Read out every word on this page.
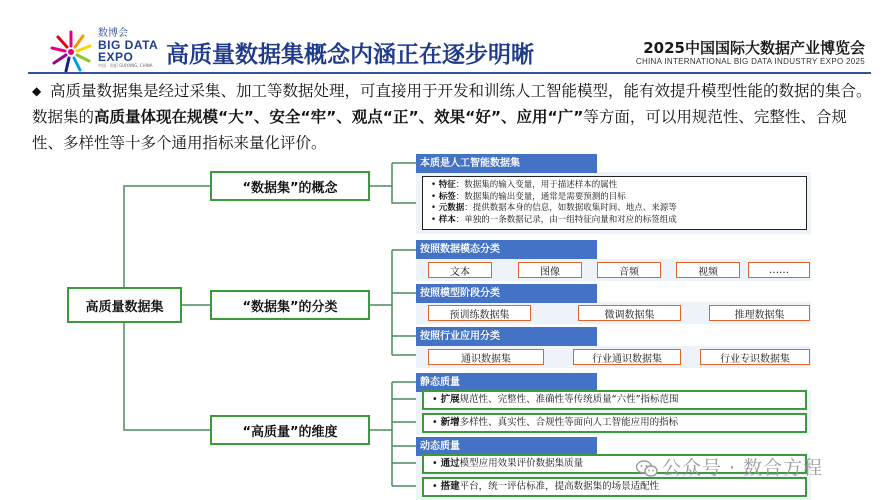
数博会
BIG DATA
EXPO
中国 · 贵阳 GUIYANG, CHINA 高质量数据集概念内涵正在逐步明晰	2025中国国际大数据产业博览会
CHINA INTERNATIONAL BIG DATA INDUSTRY EXPO 2025
◆ 高质量数据集是经过采集、加工等数据处理，可直接用于开发和训练人工智能模型，能有效提升模型性能的数据的集合。数据集的高质量体现在规模“大”、安全“牢”、观点“正”、效果“好”、应用“广”等方面，可以用规范性、完整性、合规性、多样性等十多个通用指标来量化评价。
高质量数据集
“数据集”的概念
“数据集”的分类
“高质量”的维度
本质是人工智能数据集
• 特征：数据集的输入变量，用于描述样本的属性
• 标签：数据集的输出变量，通常是需要预测的目标
• 元数据：提供数据本身的信息，如数据收集时间、地点、来源等
• 样本：单独的一条数据记录，由一组特征向量和对应的标签组成
按照数据模态分类
文本	图像	音频	视频	……
按照模型阶段分类
预训练数据集	微调数据集	推理数据集
按照行业应用分类
通识数据集	行业通识数据集	行业专识数据集
静态质量
• 扩展规范性、完整性、准确性等传统质量“六性”指标范围
• 新增多样性、真实性、合规性等面向人工智能应用的指标
动态质量
• 通过模型应用效果评价数据集质量
• 搭建平台，统一评估标准，提高数据集的场景适配性
公众号 · 数合方程
